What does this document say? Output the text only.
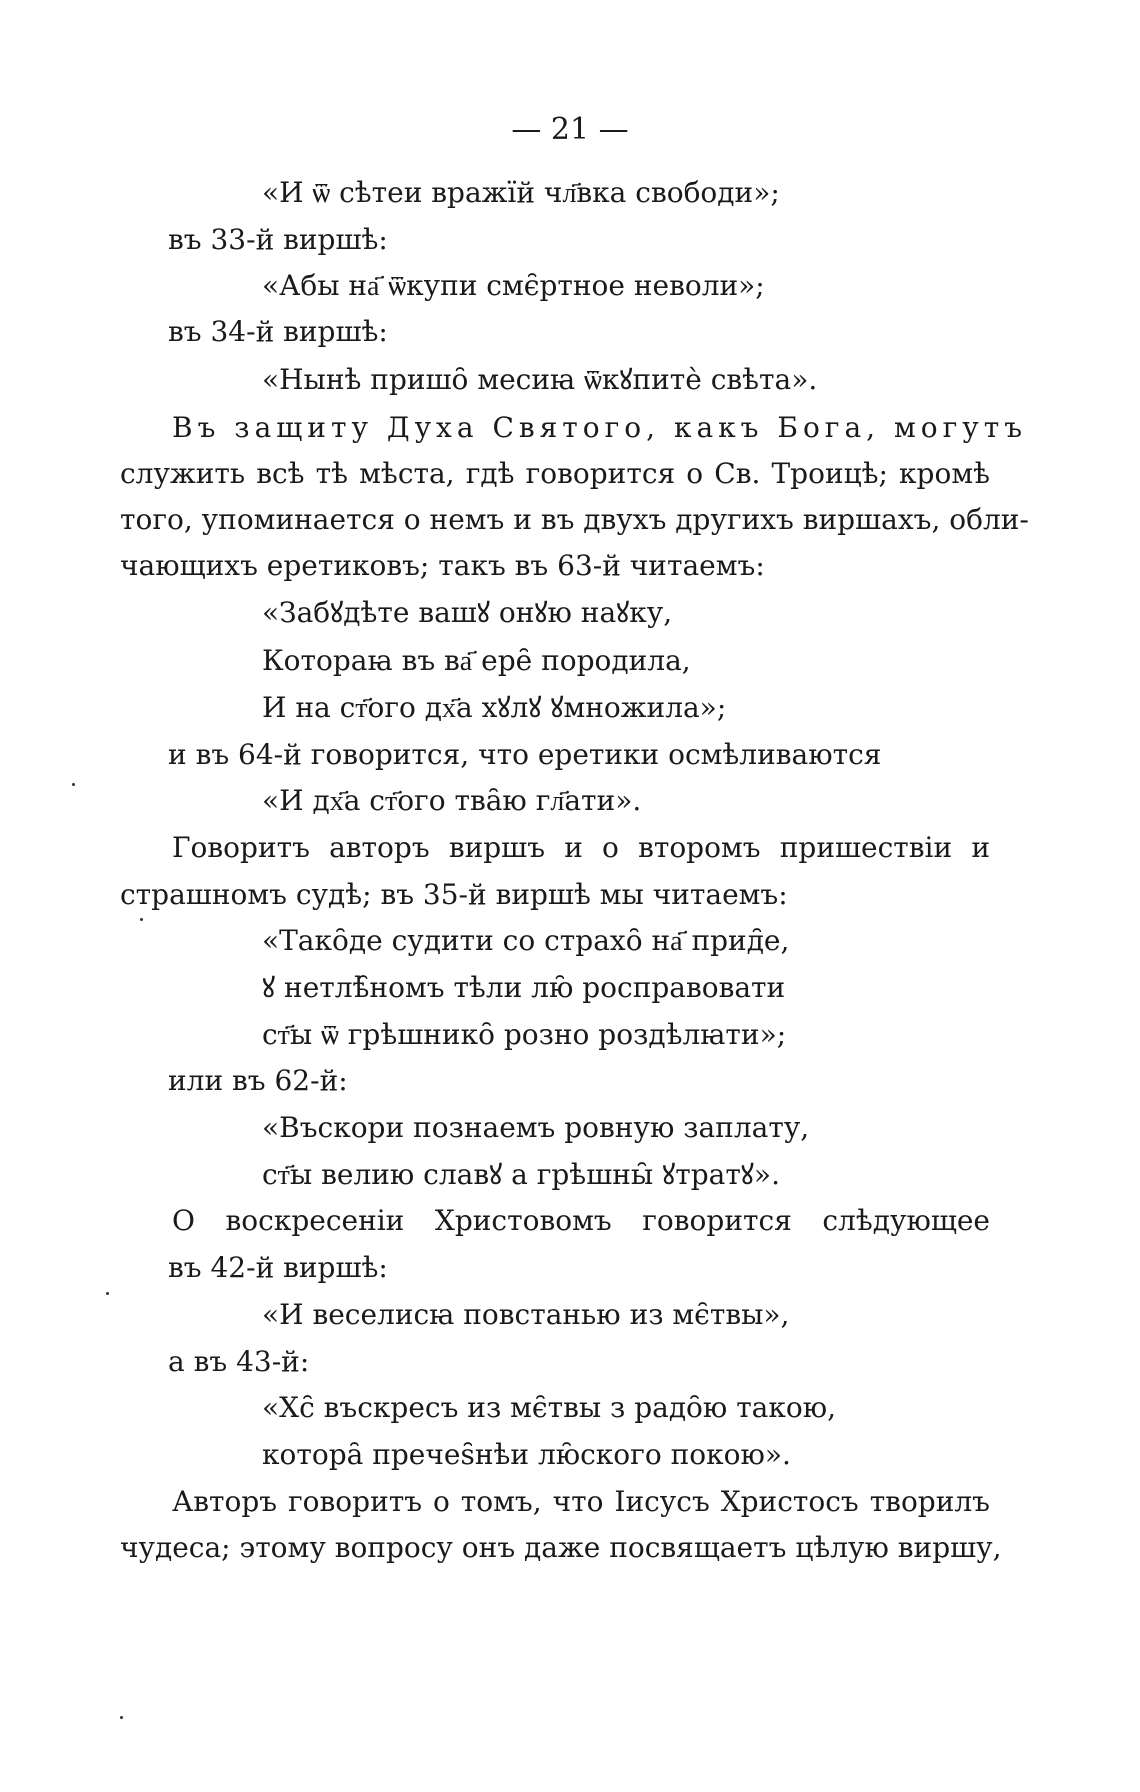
— 21 —
«И ѿ сѣтеи вражїй чл҃вка свободи»;
въ 33-й виршѣ:
«Абы на҃ ѿкупи смє̑ртное неволи»;
въ 34-й виршѣ:
«Нынѣ пришо̑ месиꙗ ѿкꙋпитѐ свѣта».
Въ защиту Духа Святого, какъ Бога, могутъ
служить всѣ тѣ мѣста, гдѣ говорится о Св. Троицѣ; кромѣ
того, упоминается о немъ и въ двухъ другихъ виршахъ, обли-
чающихъ еретиковъ; такъ въ 63-й читаемъ:
«Забꙋдѣте вашꙋ онꙋю наꙋку,
Котораꙗ въ ва҃ ере̑ породила,
И на ст҃ого дх҃а хꙋлꙋ ꙋмножила»;
и въ 64-й говорится, что еретики осмѣливаются
«И дх҃а ст҃ого тва̑ю гл҃ати».
Говоритъ авторъ виршъ и о второмъ пришествіи и
страшномъ судѣ; въ 35-й виршѣ мы читаемъ:
«Тако̑де судити со страхо̑ на҃ прид̑е,
ꙋ нетлѣ̑номъ тѣли лю̑ росправовати
ст҃ы ѿ грѣшнико̑ розно роздѣлꙗти»;
или въ 62-й:
«Въскори познаемъ ровную заплату,
ст҃ы велию славꙋ а грѣшны̑ ꙋтратꙋ».
О воскресеніи Христовомъ говорится слѣдующее
въ 42-й виршѣ:
«И веселисꙗ повстанью из мє̑твы»,
а въ 43-й:
«Хс̑ въскресъ из мє̑твы з радо̑ю такою,
котора̑ пречеѕ̑нѣи лю̑ского покою».
Авторъ говоритъ о томъ, что Іисусъ Христосъ творилъ
чудеса; этому вопросу онъ даже посвящаетъ цѣлую виршу,
